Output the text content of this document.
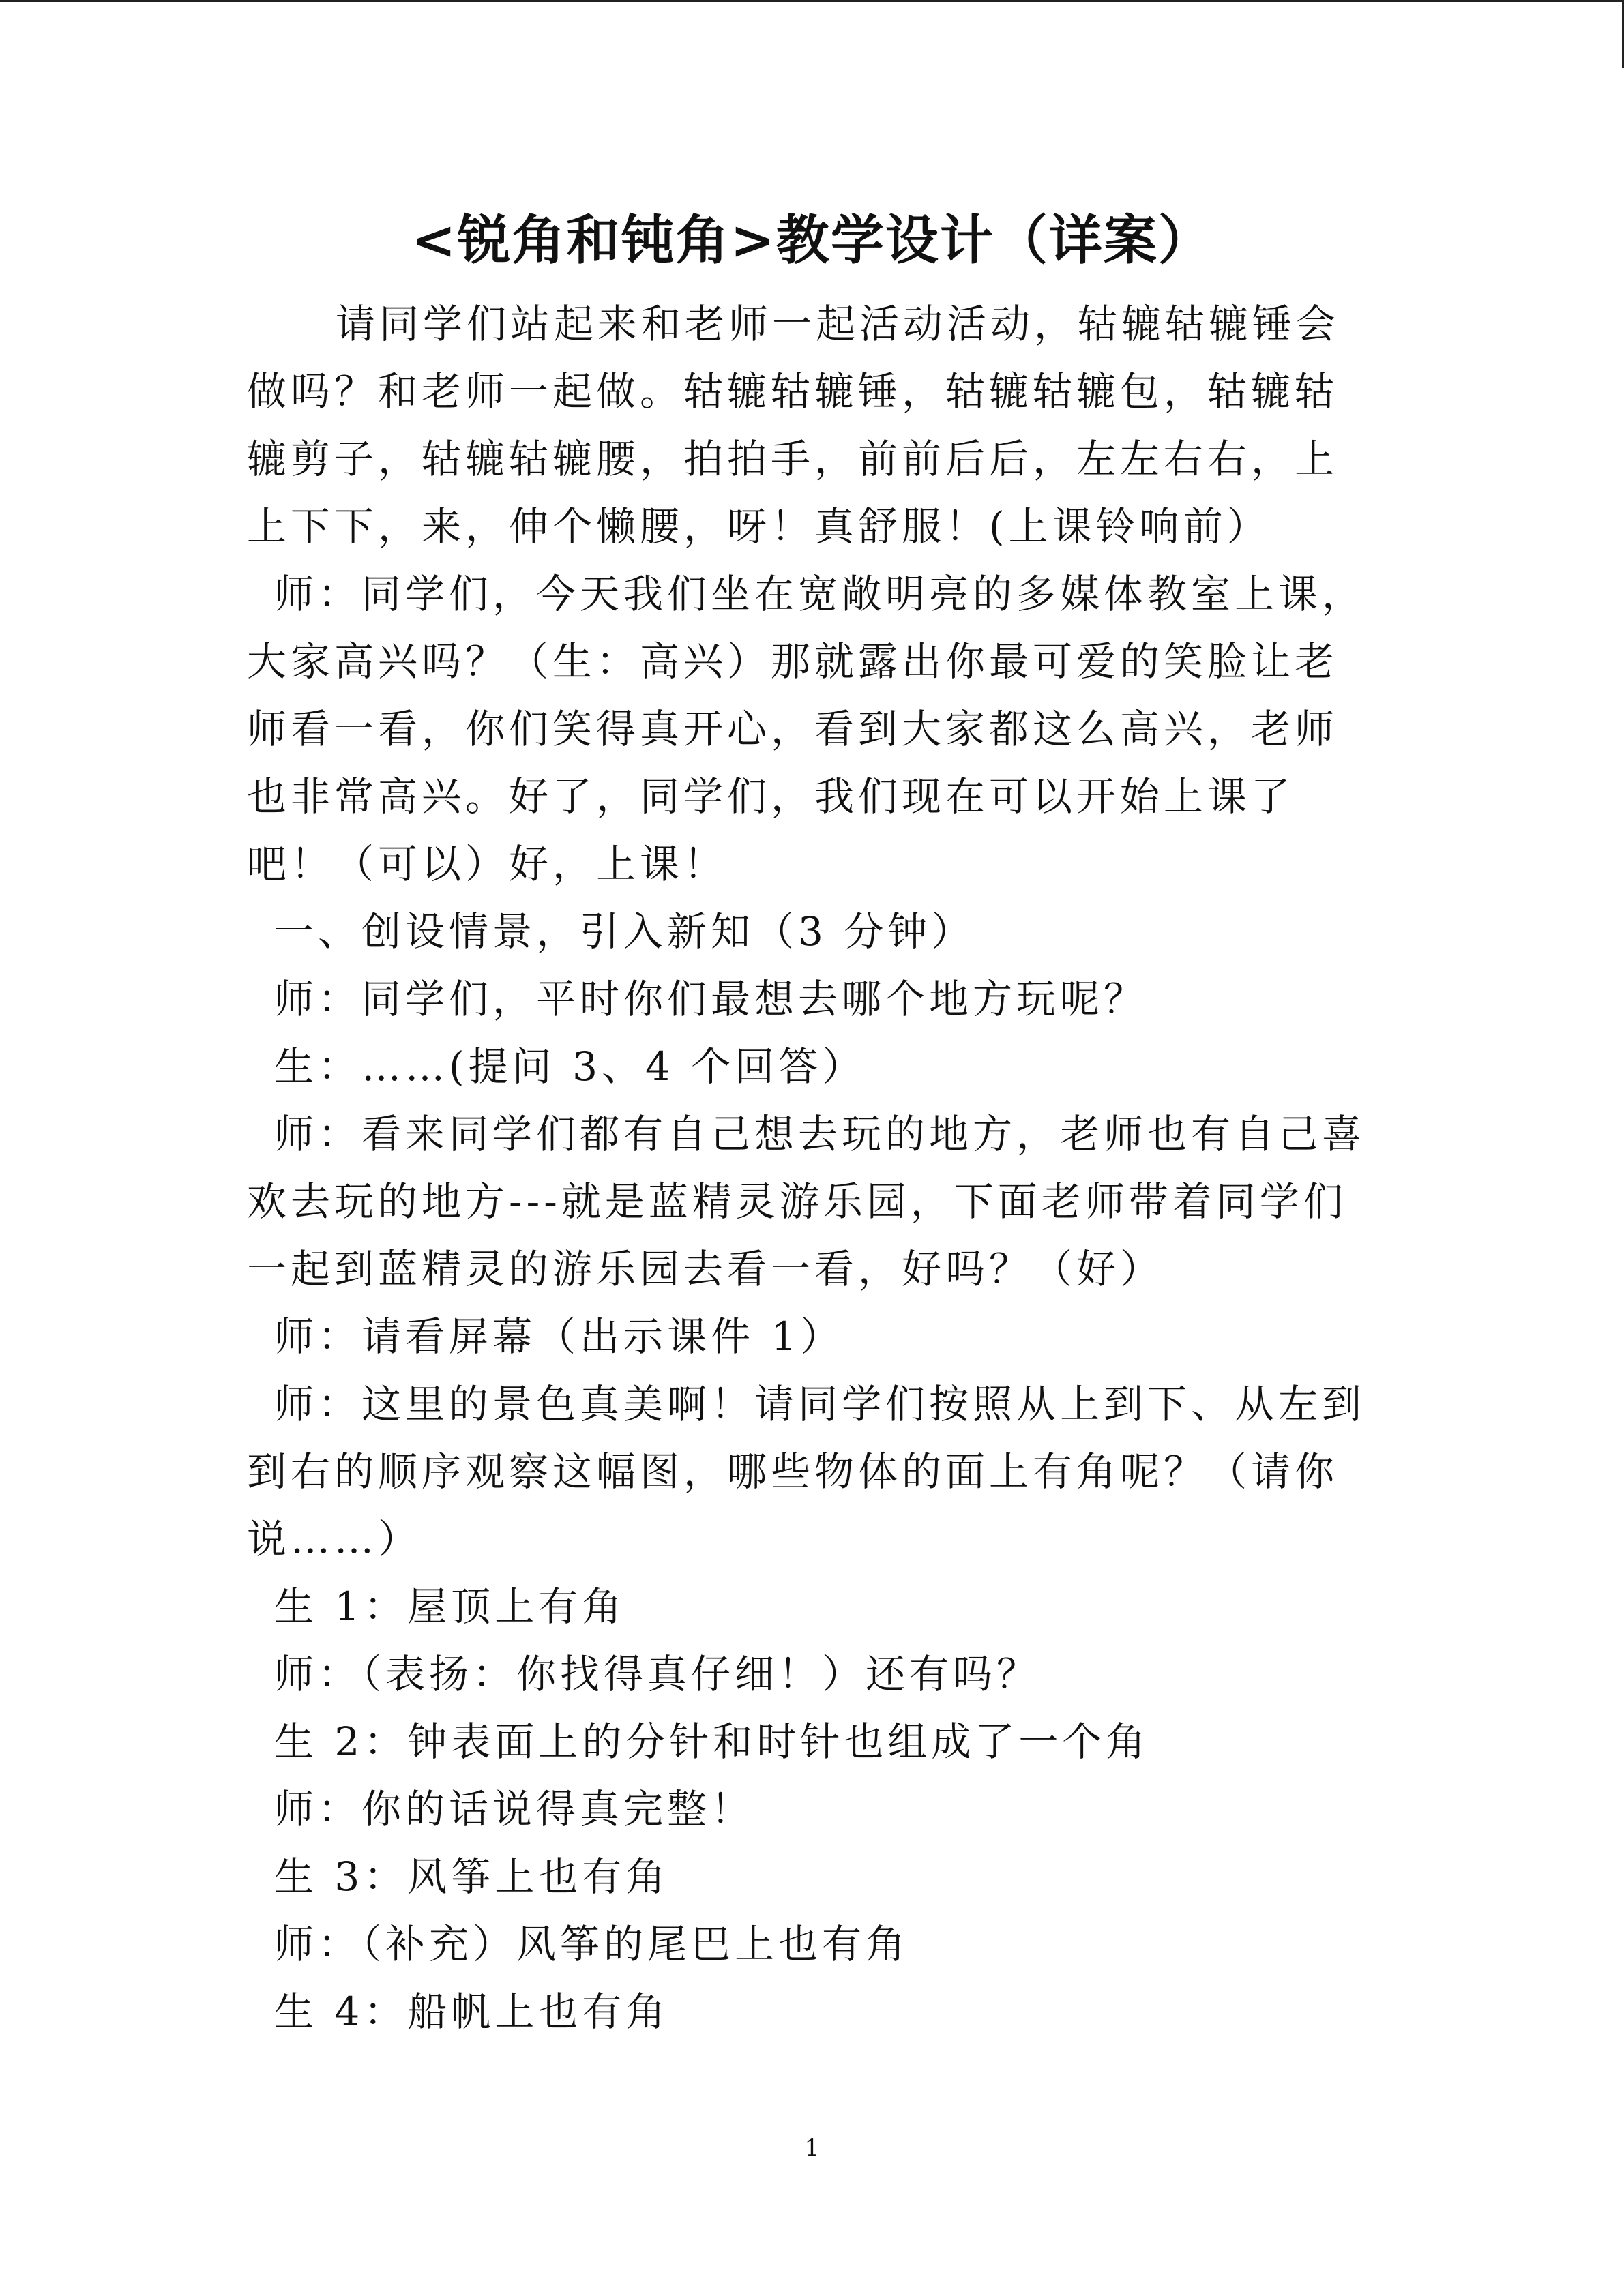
<锐角和钝角>教学设计（详案）
请同学们站起来和老师一起活动活动，轱辘轱辘锤会
做吗？和老师一起做。轱辘轱辘锤，轱辘轱辘包，轱辘轱
辘剪子，轱辘轱辘腰，拍拍手，前前后后，左左右右，上
上下下，来，伸个懒腰，呀！真舒服！(上课铃响前）
师：同学们，今天我们坐在宽敞明亮的多媒体教室上课，
大家高兴吗？（生：高兴）那就露出你最可爱的笑脸让老
师看一看，你们笑得真开心，看到大家都这么高兴，老师
也非常高兴。好了，同学们，我们现在可以开始上课了
吧！（可以）好，上课！
一、创设情景，引入新知（3 分钟）
师：同学们，平时你们最想去哪个地方玩呢？
生：……(提问 3、4 个回答）
师：看来同学们都有自己想去玩的地方，老师也有自己喜
欢去玩的地方---就是蓝精灵游乐园，下面老师带着同学们
一起到蓝精灵的游乐园去看一看，好吗？（好）
师：请看屏幕（出示课件 1）
师：这里的景色真美啊！请同学们按照从上到下、从左到
到右的顺序观察这幅图，哪些物体的面上有角呢？（请你
说……）
生 1：屋顶上有角
师：（表扬：你找得真仔细！）还有吗？
生 2：钟表面上的分针和时针也组成了一个角
师：你的话说得真完整！
生 3：风筝上也有角
师：（补充）风筝的尾巴上也有角
生 4：船帆上也有角
1
